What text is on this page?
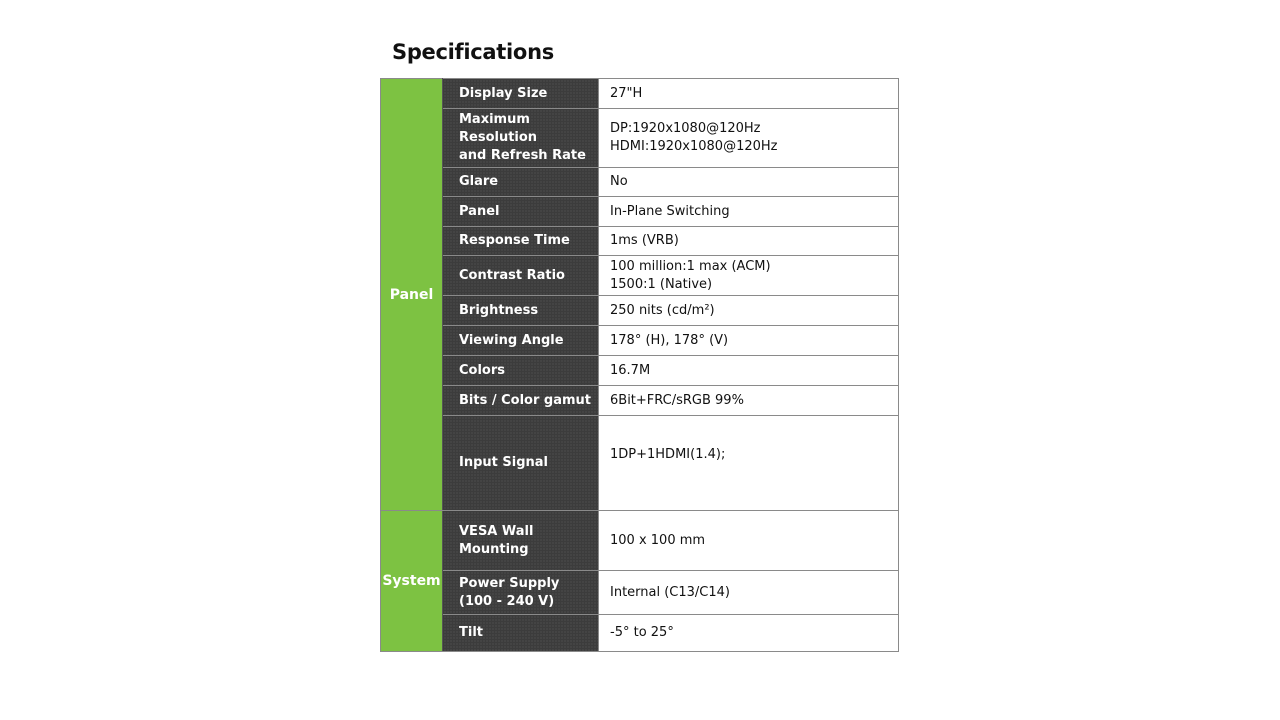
Specifications
Panel	Display Size	27"H

	Maximum
Resolution
and Refresh Rate	DP:1920x1080@120Hz
HDMI:1920x1080@120Hz

	Glare	No

	Panel	In-Plane Switching

	Response Time	1ms (VRB)

	Contrast Ratio	100 million:1 max (ACM)
1500:1 (Native)

	Brightness	250 nits (cd/m²)

	Viewing Angle	178° (H), 178° (V)

	Colors	16.7M

	Bits / Color gamut	6Bit+FRC/sRGB 99%

	Input Signal	1DP+1HDMI(1.4);

System	VESA Wall Mounting	100 x 100 mm

	Power Supply
(100 - 240 V)	Internal (C13/C14)

	Tilt	-5° to 25°
